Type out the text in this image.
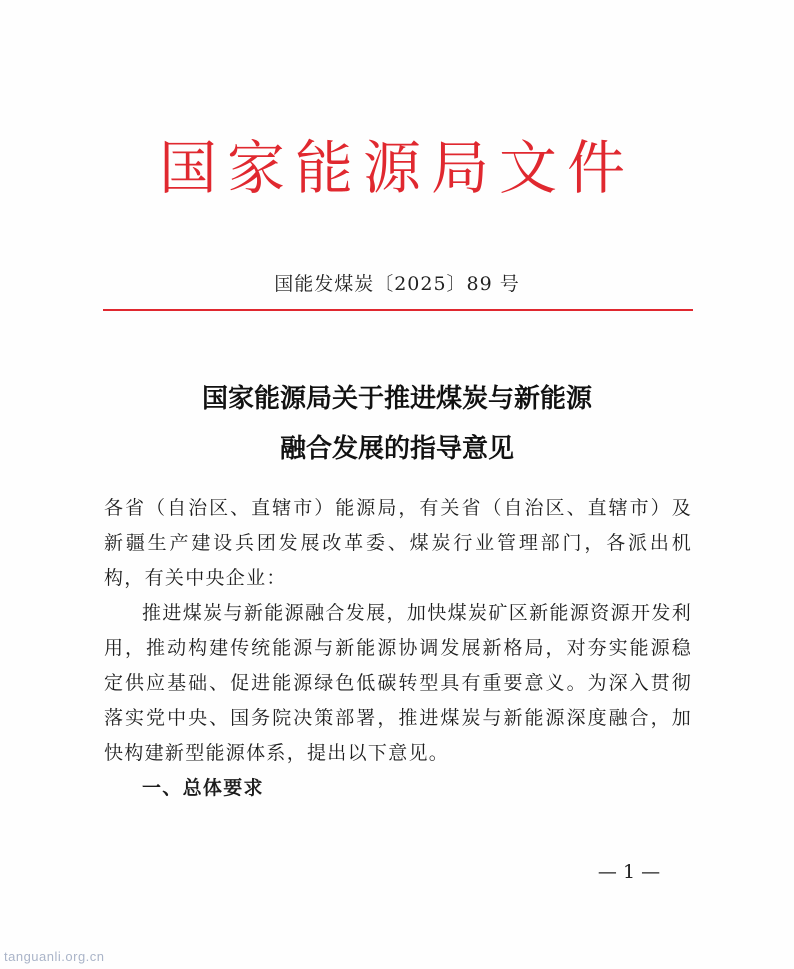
国家能源局文件
国能发煤炭〔2025〕89 号
国家能源局关于推进煤炭与新能源
融合发展的指导意见

各省（自治区、直辖市）能源局，有关省（自治区、直辖市）及新疆生产建设兵团发展改革委、煤炭行业管理部门，各派出机构，有关中央企业：

推进煤炭与新能源融合发展，加快煤炭矿区新能源资源开发利用，推动构建传统能源与新能源协调发展新格局，对夯实能源稳定供应基础、促进能源绿色低碳转型具有重要意义。为深入贯彻落实党中央、国务院决策部署，推进煤炭与新能源深度融合，加快构建新型能源体系，提出以下意见。

一、总体要求

— 1 —
tanguanli.org.cn
